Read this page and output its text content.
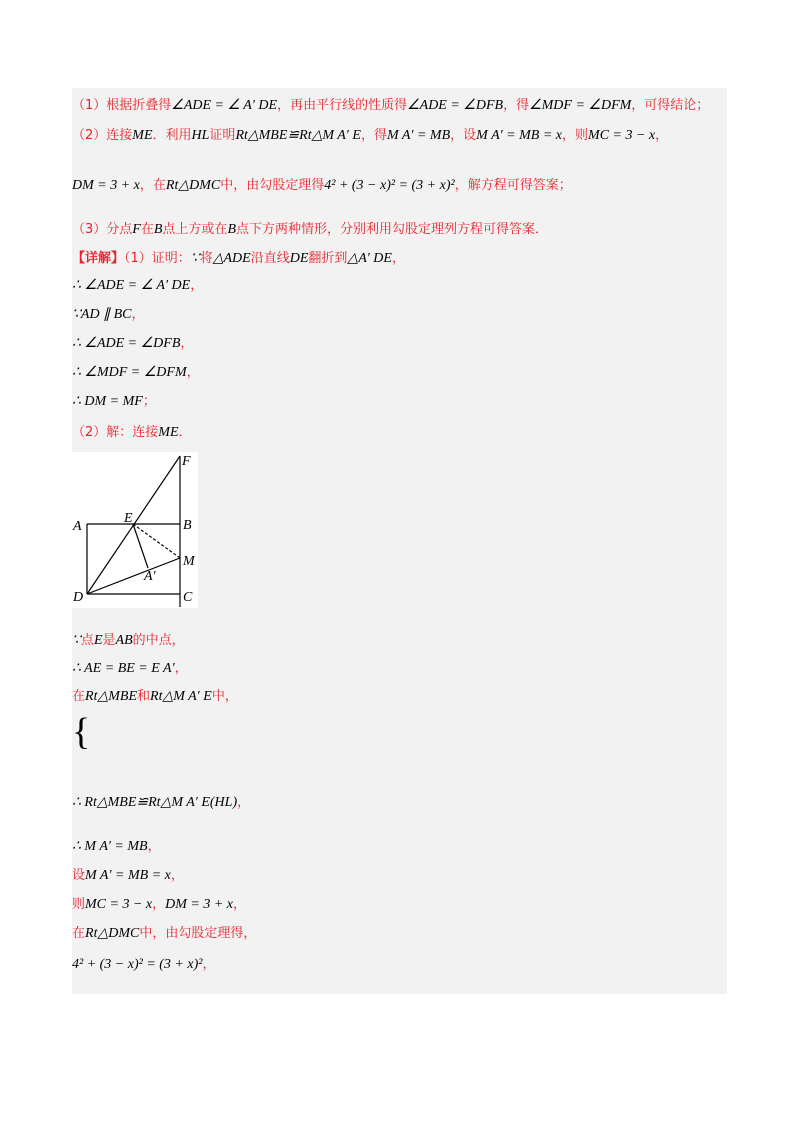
（1）根据折叠得∠ADE = ∠ A′ DE，再由平行线的性质得∠ADE = ∠DFB，得∠MDF = ∠DFM，可得结论；
（2）连接ME．利用HL证明Rt△MBE≌Rt△M A′ E，得M A′ = MB，设M A′ = MB = x，则MC = 3 − x，
DM = 3 + x，在Rt△DMC中，由勾股定理得4² + (3 − x)² = (3 + x)²，解方程可得答案；
（3）分点F在B点上方或在B点下方两种情形，分别利用勾股定理列方程可得答案．
【详解】（1）证明：∵将△ADE沿直线DE翻折到△A′ DE，
∴ ∠ADE = ∠ A′ DE，
∵AD ∥ BC，
∴ ∠ADE = ∠DFB，
∴ ∠MDF = ∠DFM，
∴ DM = MF；
（2）解：连接ME．
F
A
E	B
M
A′
D	C
∵点E是AB的中点，
∴ AE = BE = E A′，
在Rt△MBE和Rt△M A′ E中，
{
∴ Rt△MBE≌Rt△M A′ E(HL)，
∴ M A′ = MB，
设M A′ = MB = x，
则MC = 3 − x，DM = 3 + x，
在Rt△DMC中，由勾股定理得，
4² + (3 − x)² = (3 + x)²，
